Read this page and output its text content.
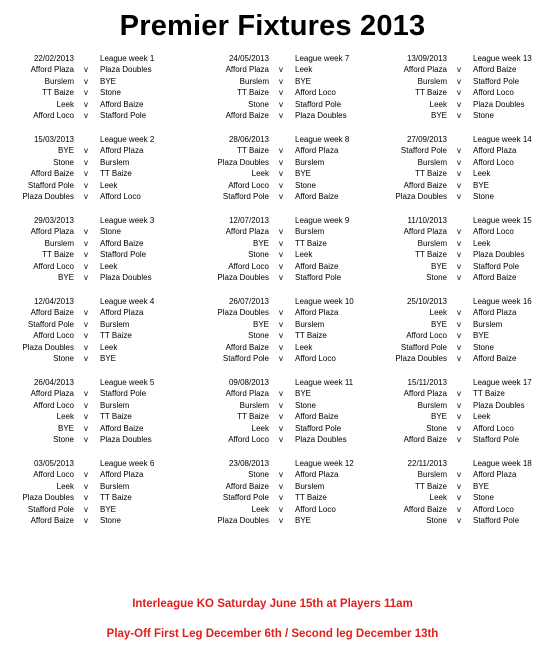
Premier Fixtures 2013
22/02/2013	League week 1
Afford Plaza v Plaza Doubles
Burslem v BYE
TT Baize v Stone
Leek v Afford Baize
Afford Loco v Stafford Pole
24/05/2013	League week 7
Afford Plaza v Leek
Burslem v BYE
TT Baize v Afford Loco
Stone v Stafford Pole
Afford Baize v Plaza Doubles
13/09/2013	League week 13
Afford Plaza v Afford Baize
Burslem v Stafford Pole
TT Baize v Afford Loco
Leek v Plaza Doubles
BYE v Stone
15/03/2013	League week 2
BYE v Afford Plaza
Stone v Burslem
Afford Baize v TT Baize
Stafford Pole v Leek
Plaza Doubles v Afford Loco
28/06/2013	League week 8
TT Baize v Afford Plaza
Plaza Doubles v Burslem
Leek v BYE
Afford Loco v Stone
Stafford Pole v Afford Baize
27/09/2013	League week 14
Stafford Pole v Afford Plaza
Burslem v Afford Loco
TT Baize v Leek
Afford Baize v BYE
Plaza Doubles v Stone
29/03/2013	League week 3
Afford Plaza v Stone
Burslem v Afford Baize
TT Baize v Stafford Pole
Afford Loco v Leek
BYE v Plaza Doubles
12/07/2013	League week 9
Afford Plaza v Burslem
BYE v TT Baize
Stone v Leek
Afford Loco v Afford Baize
Plaza Doubles v Stafford Pole
11/10/2013	League week 15
Afford Plaza v Afford Loco
Burslem v Leek
TT Baize v Plaza Doubles
BYE v Stafford Pole
Stone v Afford Baize
12/04/2013	League week 4
Afford Baize v Afford Plaza
Stafford Pole v Burslem
Afford Loco v TT Baize
Plaza Doubles v Leek
Stone v BYE
26/07/2013	League week 10
Plaza Doubles v Afford Plaza
BYE v Burslem
Stone v TT Baize
Afford Baize v Leek
Stafford Pole v Afford Loco
25/10/2013	League week 16
Leek v Afford Plaza
BYE v Burslem
Afford Loco v BYE
Stafford Pole v Stone
Plaza Doubles v Afford Baize
26/04/2013	League week 5
Afford Plaza v Stafford Pole
Afford Loco v Burslem
Leek v TT Baize
BYE v Afford Baize
Stone v Plaza Doubles
09/08/2013	League week 11
Afford Plaza v BYE
Burslem v Stone
TT Baize v Afford Baize
Leek v Stafford Pole
Afford Loco v Plaza Doubles
15/11/2013	League week 17
Afford Plaza v TT Baize
Burslem v Plaza Doubles
BYE v Leek
Stone v Afford Loco
Afford Baize v Stafford Pole
03/05/2013	League week 6
Afford Loco v Afford Plaza
Leek v Burslem
Plaza Doubles v TT Baize
Stafford Pole v BYE
Afford Baize v Stone
23/08/2013	League week 12
Stone v Afford Plaza
Afford Baize v Burslem
Stafford Pole v TT Baize
Leek v Afford Loco
Plaza Doubles v BYE
22/11/2013	League week 18
Burslem v Afford Plaza
TT Baize v BYE
Leek v Stone
Afford Baize v Afford Loco
Stone v Stafford Pole
Interleague KO Saturday June 15th at Players 11am
Play-Off First Leg December 6th / Second leg December 13th
